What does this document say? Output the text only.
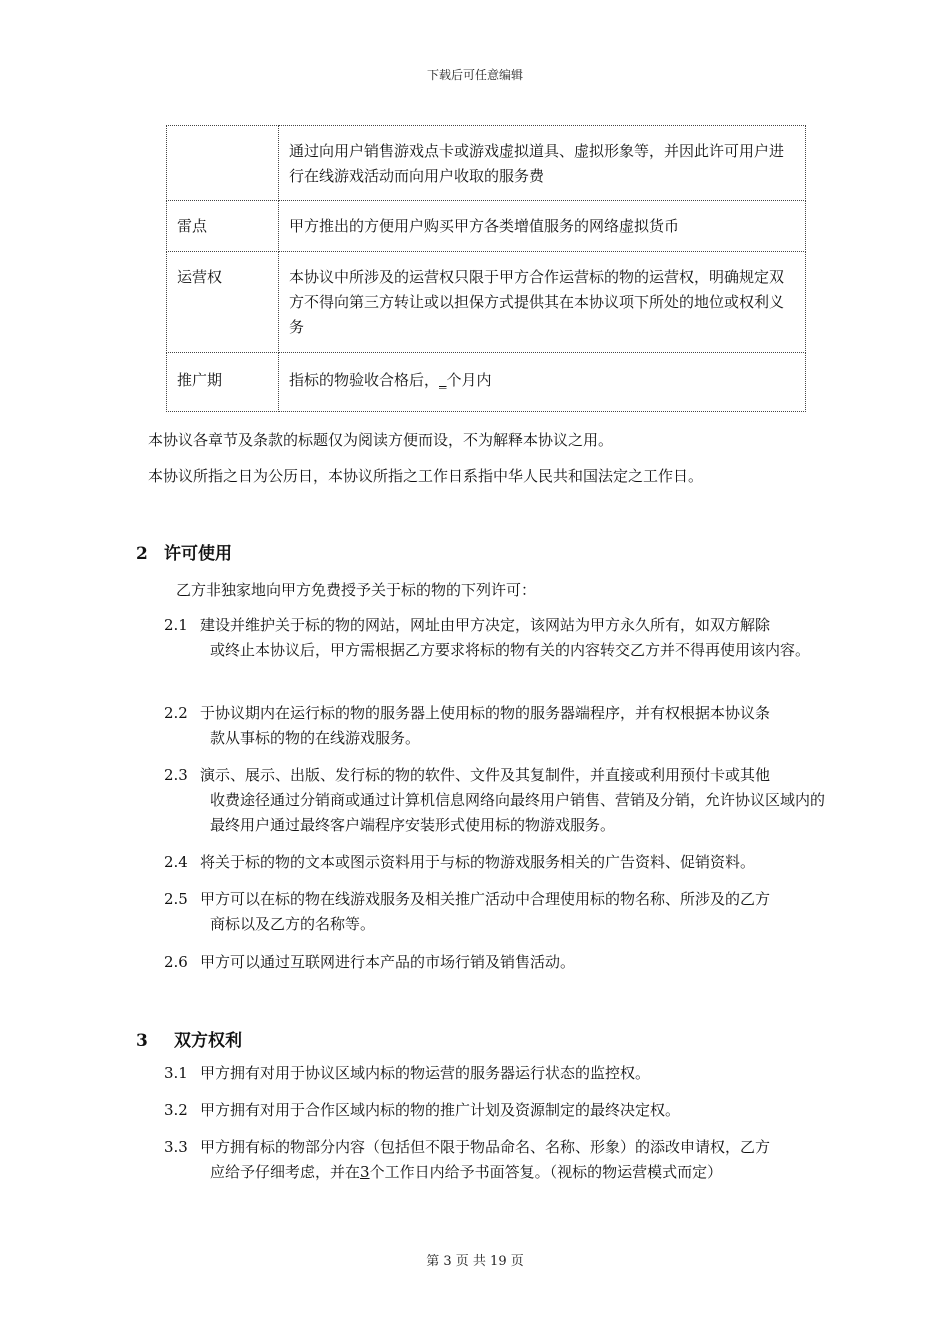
下载后可任意编辑
	通过向用户销售游戏点卡或游戏虚拟道具、虚拟形象等，并因此许可用户进行在线游戏活动而向用户收取的服务费
雷点	甲方推出的方便用户购买甲方各类增值服务的网络虚拟货币
运营权	本协议中所涉及的运营权只限于甲方合作运营标的物的运营权，明确规定双方不得向第三方转让或以担保方式提供其在本协议项下所处的地位或权利义务
推广期	指标的物验收合格后，_个月内

本协议各章节及条款的标题仅为阅读方便而设，不为解释本协议之用。

本协议所指之日为公历日，本协议所指之工作日系指中华人民共和国法定之工作日。

2 许可使用

乙方非独家地向甲方免费授予关于标的物的下列许可：

2.1 建设并维护关于标的物的网站，网址由甲方决定，该网站为甲方永久所有，如双方解除
或终止本协议后，甲方需根据乙方要求将标的物有关的内容转交乙方并不得再使用该内容。
2.2 于协议期内在运行标的物的服务器上使用标的物的服务器端程序，并有权根据本协议条
款从事标的物的在线游戏服务。
2.3 演示、展示、出版、发行标的物的软件、文件及其复制件，并直接或利用预付卡或其他
收费途径通过分销商或通过计算机信息网络向最终用户销售、营销及分销，允许协议区域内的最终用户通过最终客户端程序安装形式使用标的物游戏服务。
2.4 将关于标的物的文本或图示资料用于与标的物游戏服务相关的广告资料、促销资料。
2.5 甲方可以在标的物在线游戏服务及相关推广活动中合理使用标的物名称、所涉及的乙方
商标以及乙方的名称等。
2.6 甲方可以通过互联网进行本产品的市场行销及销售活动。
3 双方权利
3.1 甲方拥有对用于协议区域内标的物运营的服务器运行状态的监控权。
3.2 甲方拥有对用于合作区域内标的物的推广计划及资源制定的最终决定权。
3.3 甲方拥有标的物部分内容（包括但不限于物品命名、名称、形象）的添改申请权，乙方
应给予仔细考虑，并在3个工作日内给予书面答复。（视标的物运营模式而定）
第 3 页 共 19 页
